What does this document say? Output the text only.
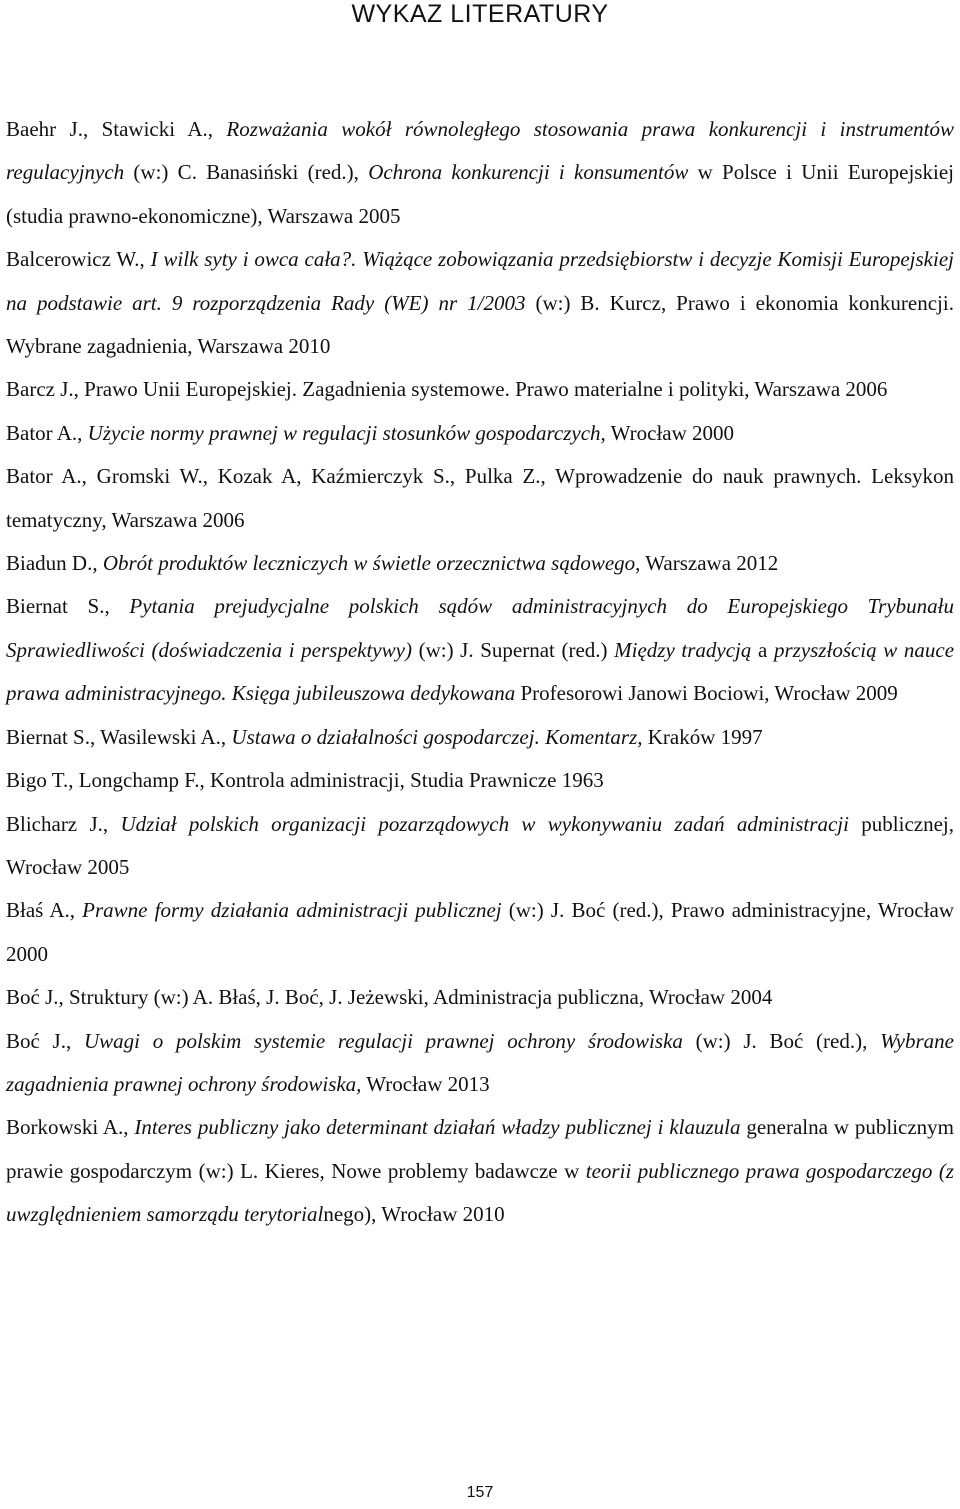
WYKAZ LITERATURY

Baehr J., Stawicki A., Rozważania wokół równoległego stosowania prawa konkurencji i instrumentów regulacyjnych (w:) C. Banasiński (red.), Ochrona konkurencji i konsumentów w Polsce i Unii Europejskiej (studia prawno-ekonomiczne), Warszawa 2005

Balcerowicz W., I wilk syty i owca cała?. Wiążące zobowiązania przedsiębiorstw i decyzje Komisji Europejskiej na podstawie art. 9 rozporządzenia Rady (WE) nr 1/2003 (w:) B. Kurcz, Prawo i ekonomia konkurencji. Wybrane zagadnienia, Warszawa 2010

Barcz J., Prawo Unii Europejskiej. Zagadnienia systemowe. Prawo materialne i polityki, Warszawa 2006

Bator A., Użycie normy prawnej w regulacji stosunków gospodarczych, Wrocław 2000

Bator A., Gromski W., Kozak A, Kaźmierczyk S., Pulka Z., Wprowadzenie do nauk prawnych. Leksykon tematyczny, Warszawa 2006

Biadun D., Obrót produktów leczniczych w świetle orzecznictwa sądowego, Warszawa 2012

Biernat S., Pytania prejudycjalne polskich sądów administracyjnych do Europejskiego Trybunału Sprawiedliwości (doświadczenia i perspektywy) (w:) J. Supernat (red.) Między tradycją a przyszłością w nauce prawa administracyjnego. Księga jubileuszowa dedykowana Profesorowi Janowi Bociowi, Wrocław 2009

Biernat S., Wasilewski A., Ustawa o działalności gospodarczej. Komentarz, Kraków 1997

Bigo T., Longchamp F., Kontrola administracji, Studia Prawnicze 1963

Blicharz J., Udział polskich organizacji pozarządowych w wykonywaniu zadań administracji publicznej, Wrocław 2005

Błaś A., Prawne formy działania administracji publicznej (w:) J. Boć (red.), Prawo administracyjne, Wrocław 2000

Boć J., Struktury (w:) A. Błaś, J. Boć, J. Jeżewski, Administracja publiczna, Wrocław 2004

Boć J., Uwagi o polskim systemie regulacji prawnej ochrony środowiska (w:) J. Boć (red.), Wybrane zagadnienia prawnej ochrony środowiska, Wrocław 2013

Borkowski A., Interes publiczny jako determinant działań władzy publicznej i klauzula generalna w publicznym prawie gospodarczym (w:) L. Kieres, Nowe problemy badawcze w teorii publicznego prawa gospodarczego (z uwzględnieniem samorządu terytorialnego), Wrocław 2010

157
